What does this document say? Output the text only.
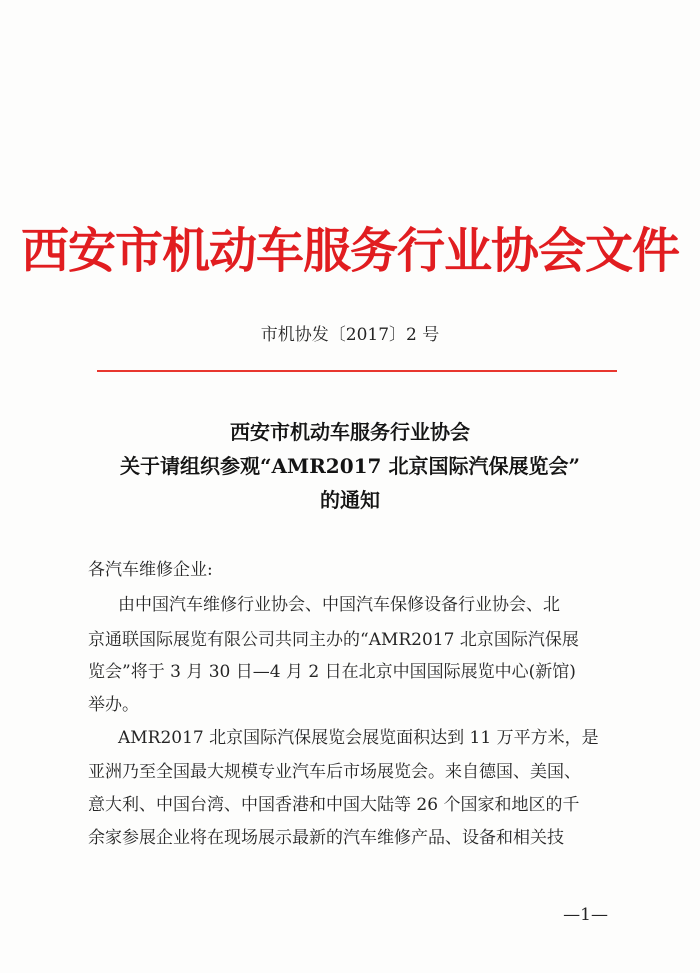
西安市机动车服务行业协会文件
市机协发〔2017〕2 号
西安市机动车服务行业协会
关于请组织参观“AMR2017 北京国际汽保展览会”
的通知
各汽车维修企业:
由中国汽车维修行业协会、中国汽车保修设备行业协会、北
京通联国际展览有限公司共同主办的“AMR2017 北京国际汽保展
览会”将于 3 月 30 日—4 月 2 日在北京中国国际展览中心(新馆)
举办。
AMR2017 北京国际汽保展览会展览面积达到 11 万平方米，是
亚洲乃至全国最大规模专业汽车后市场展览会。来自德国、美国、
意大利、中国台湾、中国香港和中国大陆等 26 个国家和地区的千
余家参展企业将在现场展示最新的汽车维修产品、设备和相关技
—1—
